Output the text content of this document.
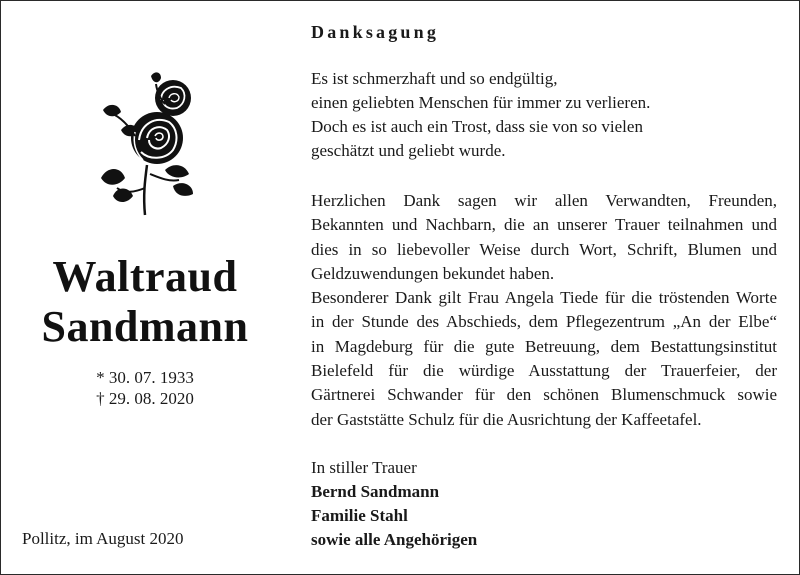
Waltraud
Sandmann
* 30. 07. 1933
† 29. 08. 2020
Pollitz, im August 2020
Danksagung
Es ist schmerzhaft und so endgültig,
einen geliebten Menschen für immer zu verlieren.
Doch es ist auch ein Trost, dass sie von so vielen
geschätzt und geliebt wurde.
Herzlichen Dank sagen wir allen Verwandten, Freunden,
Bekannten und Nachbarn, die an unserer Trauer teilnahmen und
dies in so liebevoller Weise durch Wort, Schrift, Blumen und
Geldzuwendungen bekundet haben.
Besonderer Dank gilt Frau Angela Tiede für die tröstenden Worte
in der Stunde des Abschieds, dem Pflegezentrum „An der Elbe“
in Magdeburg für die gute Betreuung, dem Bestattungsinstitut
Bielefeld für die würdige Ausstattung der Trauerfeier, der
Gärtnerei Schwander für den schönen Blumenschmuck sowie
der Gaststätte Schulz für die Ausrichtung der Kaffeetafel.
In stiller Trauer
Bernd Sandmann
Familie Stahl
sowie alle Angehörigen
